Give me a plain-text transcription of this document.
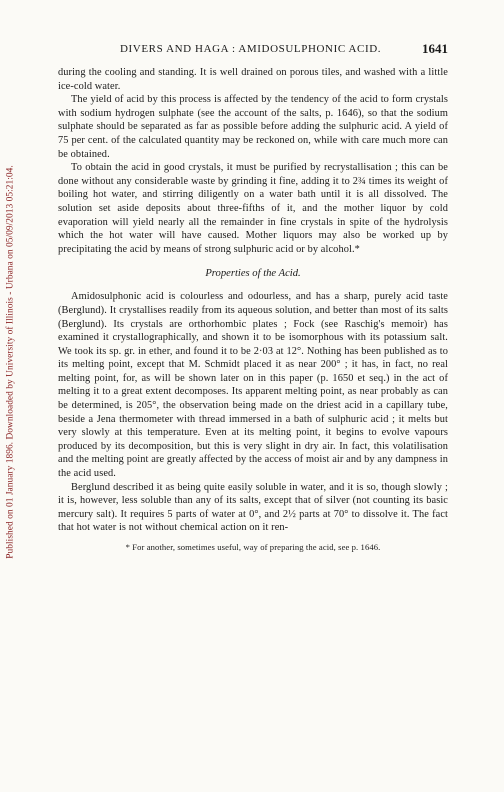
Published on 01 January 1896. Downloaded by University of Illinois - Urbana on 05/09/2013 05:21:04.
DIVERS AND HAGA : AMIDOSULPHONIC ACID.	1641

during the cooling and standing. It is well drained on porous tiles, and washed with a little ice-cold water.

The yield of acid by this process is affected by the tendency of the acid to form crystals with sodium hydrogen sulphate (see the account of the salts, p. 1646), so that the sodium sulphate should be separated as far as possible before adding the sulphuric acid. A yield of 75 per cent. of the calculated quantity may be reckoned on, while with care much more can be obtained.

To obtain the acid in good crystals, it must be purified by recrystallisation ; this can be done without any considerable waste by grinding it fine, adding it to 2¾ times its weight of boiling hot water, and stirring diligently on a water bath until it is all dissolved. The solution set aside deposits about three-fifths of it, and the mother liquor by cold evaporation will yield nearly all the remainder in fine crystals in spite of the hydrolysis which the hot water will have caused. Mother liquors may also be worked up by precipitating the acid by means of strong sulphuric acid or by alcohol.*

Properties of the Acid.

Amidosulphonic acid is colourless and odourless, and has a sharp, purely acid taste (Berglund). It crystallises readily from its aqueous solution, and better than most of its salts (Berglund). Its crystals are orthorhombic plates ; Fock (see Raschig's memoir) has examined it crystallographically, and shown it to be isomorphous with its potassium salt. We took its sp. gr. in ether, and found it to be 2·03 at 12°. Nothing has been published as to its melting point, except that M. Schmidt placed it as near 200° ; it has, in fact, no real melting point, for, as will be shown later on in this paper (p. 1650 et seq.) in the act of melting it to a great extent decomposes. Its apparent melting point, as near probably as can be determined, is 205°, the observation being made on the driest acid in a capillary tube, beside a Jena thermometer with thread immersed in a bath of sulphuric acid ; it melts but very slowly at this temperature. Even at its melting point, it begins to evolve vapours produced by its decomposition, but this is very slight in dry air. In fact, this volatilisation and the melting point are greatly affected by the access of moist air and by any dampness in the acid used.

Berglund described it as being quite easily soluble in water, and it is so, though slowly ; it is, however, less soluble than any of its salts, except that of silver (not counting its basic mercury salt). It requires 5 parts of water at 0°, and 2½ parts at 70° to dissolve it. The fact that hot water is not without chemical action on it ren-

* For another, sometimes useful, way of preparing the acid, see p. 1646.
